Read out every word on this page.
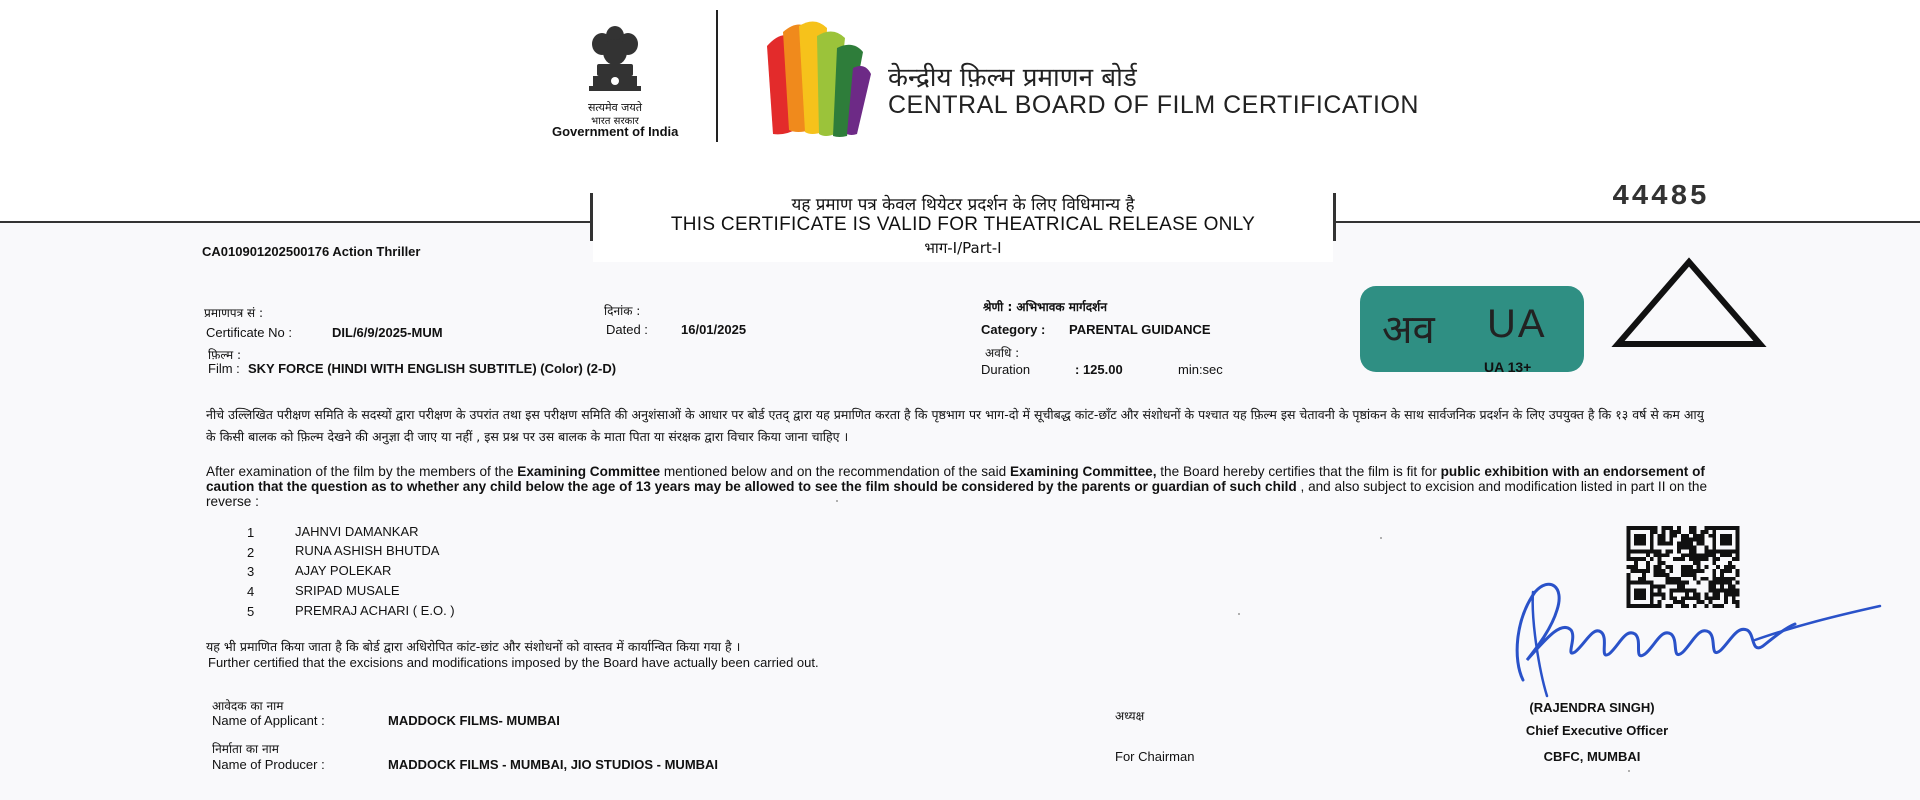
सत्यमेव जयते
भारत सरकार
Government of India
केन्द्रीय फ़िल्म प्रमाणन बोर्ड
CENTRAL BOARD OF FILM CERTIFICATION
यह प्रमाण पत्र केवल थियेटर प्रदर्शन के लिए विधिमान्य है
THIS CERTIFICATE IS VALID FOR THEATRICAL RELEASE ONLY
भाग-I/Part-I
44485
CA010901202500176 Action Thriller
प्रमाणपत्र सं :
Certificate No :	DIL/6/9/2025-MUM
दिनांक :
Dated :	16/01/2025
श्रेणी : अभिभावक मार्गदर्शन
Category : PARENTAL GUIDANCE
फ़िल्म :
Film : SKY FORCE (HINDI WITH ENGLISH SUBTITLE) (Color) (2-D)
अवधि :
Duration	: 125.00	min:sec
अव UA
UA 13+
नीचे उल्लिखित परीक्षण समिति के सदस्यों द्वारा परीक्षण के उपरांत तथा इस परीक्षण समिति की अनुशंसाओं के आधार पर बोर्ड एतद् द्वारा यह प्रमाणित करता है कि पृष्ठभाग पर भाग-दो में सूचीबद्ध कांट-छाँट और संशोधनों के पश्चात यह फ़िल्म इस चेतावनी के पृष्ठांकन के साथ सार्वजनिक प्रदर्शन के लिए उपयुक्त है कि १३ वर्ष से कम आयु के किसी बालक को फ़िल्म देखने की अनुज्ञा दी जाए या नहीं , इस प्रश्न पर उस बालक के माता पिता या संरक्षक द्वारा विचार किया जाना चाहिए ।
After examination of the film by the members of the Examining Committee mentioned below and on the recommendation of the said Examining Committee, the Board hereby certifies that the film is fit for public exhibition with an endorsement of caution that the question as to whether any child below the age of 13 years may be allowed to see the film should be considered by the parents or guardian of such child , and also subject to excision and modification listed in part II on the reverse :
1	JAHNVI DAMANKAR
2	RUNA ASHISH BHUTDA
3	AJAY POLEKAR
4	SRIPAD MUSALE
5	PREMRAJ ACHARI ( E.O. )
यह भी प्रमाणित किया जाता है कि बोर्ड द्वारा अधिरोपित कांट-छांट और संशोधनों को वास्तव में कार्यान्वित किया गया है ।
Further certified that the excisions and modifications imposed by the Board have actually been carried out.
आवेदक का नाम
Name of Applicant :	MADDOCK FILMS- MUMBAI
निर्माता का नाम
Name of Producer :	MADDOCK FILMS - MUMBAI, JIO STUDIOS - MUMBAI
अध्यक्ष
For Chairman
(RAJENDRA SINGH)
Chief Executive Officer
CBFC, MUMBAI
